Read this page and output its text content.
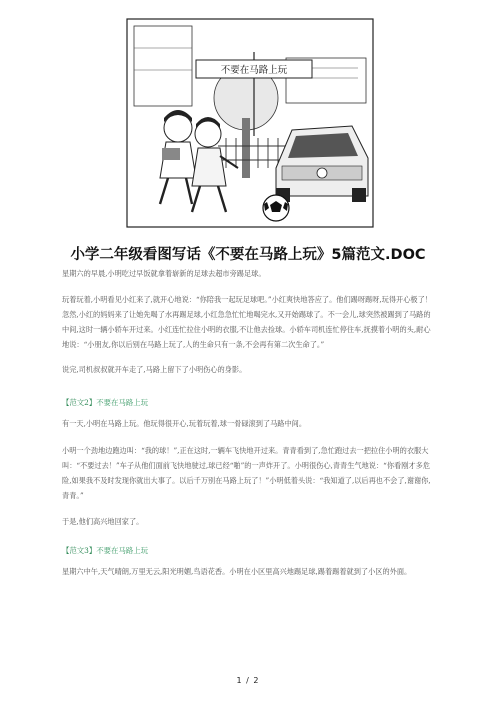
不要在马路上玩
小学二年级看图写话《不要在马路上玩》5篇范文.DOC

星期六的早晨,小明吃过早饭就拿着崭新的足球去超市旁踢足球。

玩着玩着,小明看见小红来了,就开心地说：“你陪我一起玩足球吧。”小红爽快地答应了。他们踢呀踢呀,玩得开心极了！忽然,小红的妈妈来了让她先喝了水再踢足球,小红急急忙忙地喝完水,又开始踢球了。不一会儿,球突然被踢到了马路的中间,这时一辆小轿车开过来。小红连忙拉住小明的衣服,不让他去捡球。小轿车司机连忙停住车,抚摸着小明的头,耐心地说：“小朋友,你以后别在马路上玩了,人的生命只有一条,不会再有第二次生命了。”

说完,司机叔叔就开车走了,马路上留下了小明伤心的身影。

【范文2】不要在马路上玩

有一天,小明在马路上玩。他玩得很开心,玩着玩着,球一骨碌滚到了马路中间。

小明一个劲地边跑边叫：“我的球！”,正在这时,一辆车飞快地开过来。青青看到了,急忙跑过去一把拉住小明的衣服大叫：“不要过去！”车子从他们面前飞快地驶过,球已经“啪”的一声炸开了。小明很伤心,青青生气地说：“你看刚才多危险,如果我不及时发现你就出大事了。以后千万别在马路上玩了！”小明低着头说：“我知道了,以后再也不会了,谢谢你,青青。”

于是,他们高兴地回家了。

【范文3】不要在马路上玩

星期六中午,天气晴朗,万里无云,阳光明媚,鸟语花香。小明在小区里高兴地踢足球,踢着踢着就到了小区的外面。

1 / 2
